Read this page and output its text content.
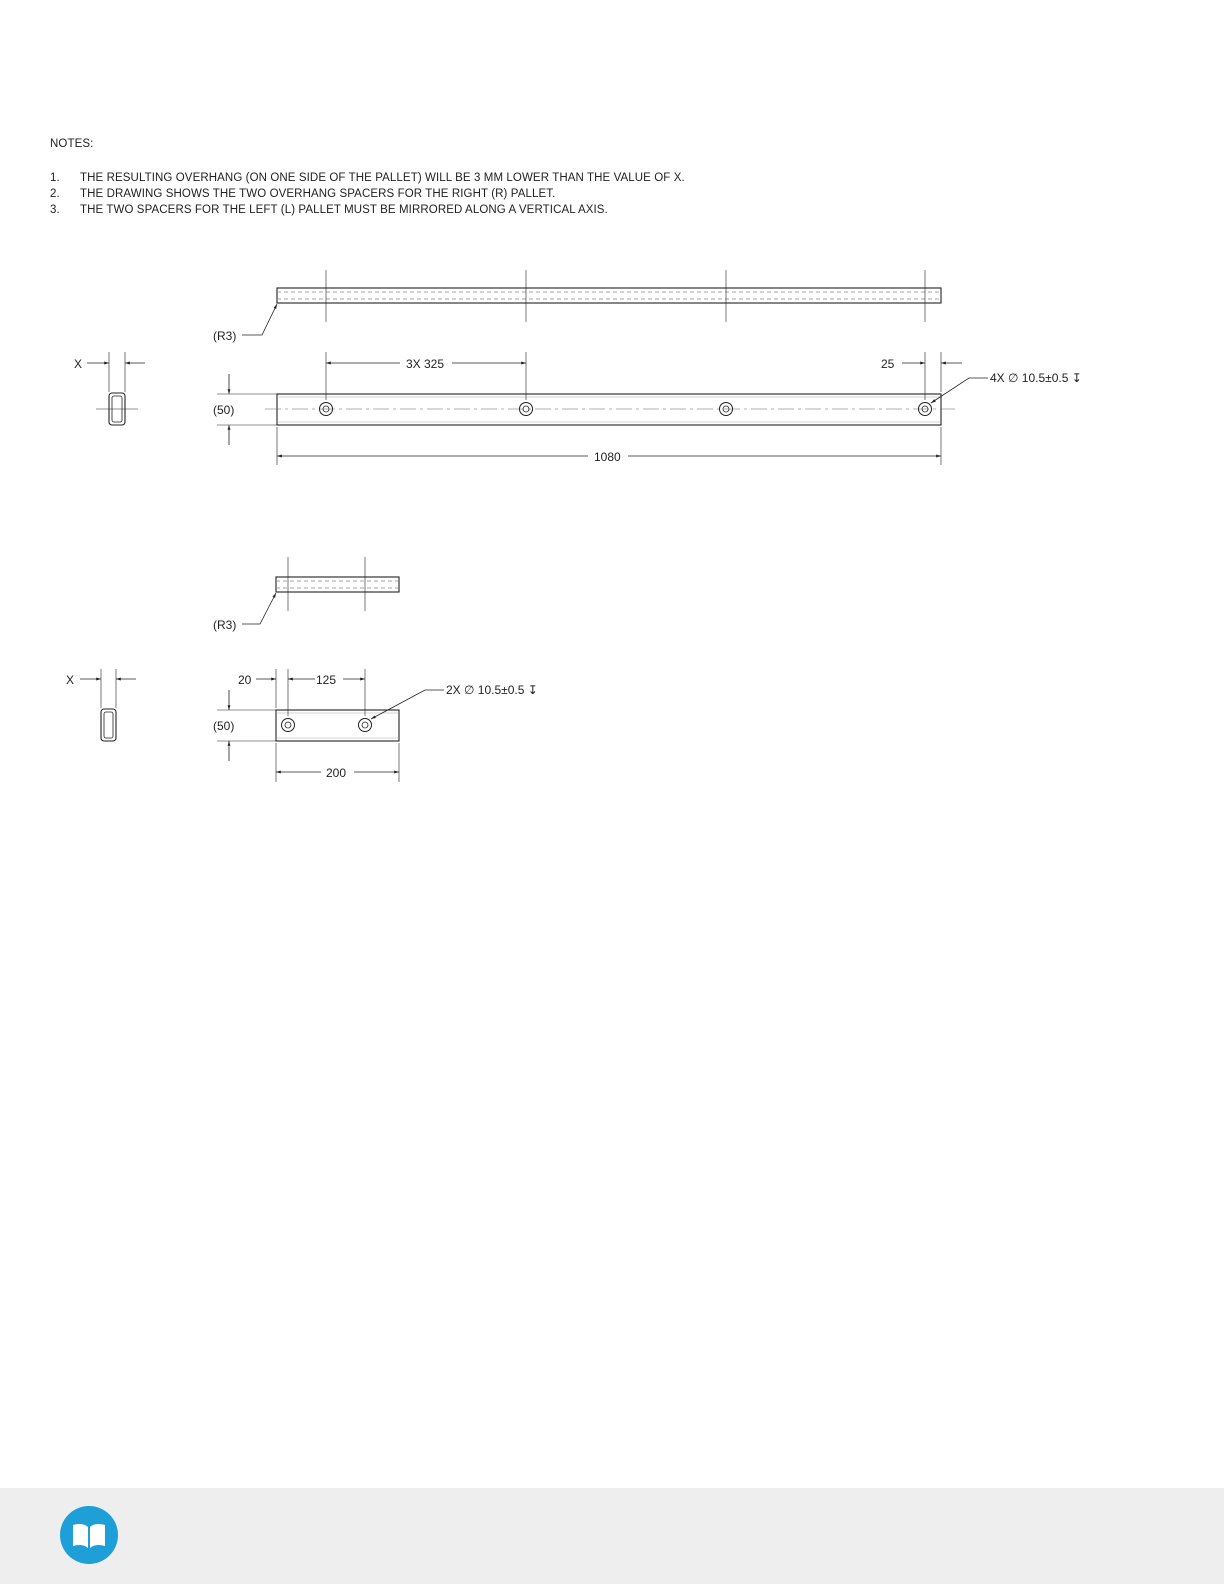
NOTES:
1.	THE RESULTING OVERHANG (ON ONE SIDE OF THE PALLET) WILL BE 3 MM LOWER THAN THE VALUE OF X.
2.	THE DRAWING SHOWS THE TWO OVERHANG SPACERS FOR THE RIGHT (R) PALLET.
3.	THE TWO SPACERS FOR THE LEFT (L) PALLET MUST BE MIRRORED ALONG A VERTICAL AXIS.
(R3)
X	3X 325	25
4X ∅ 10.5±0.5 ↧
(50)
1080
(R3)
X	20	125
2X ∅ 10.5±0.5 ↧
(50)
200
